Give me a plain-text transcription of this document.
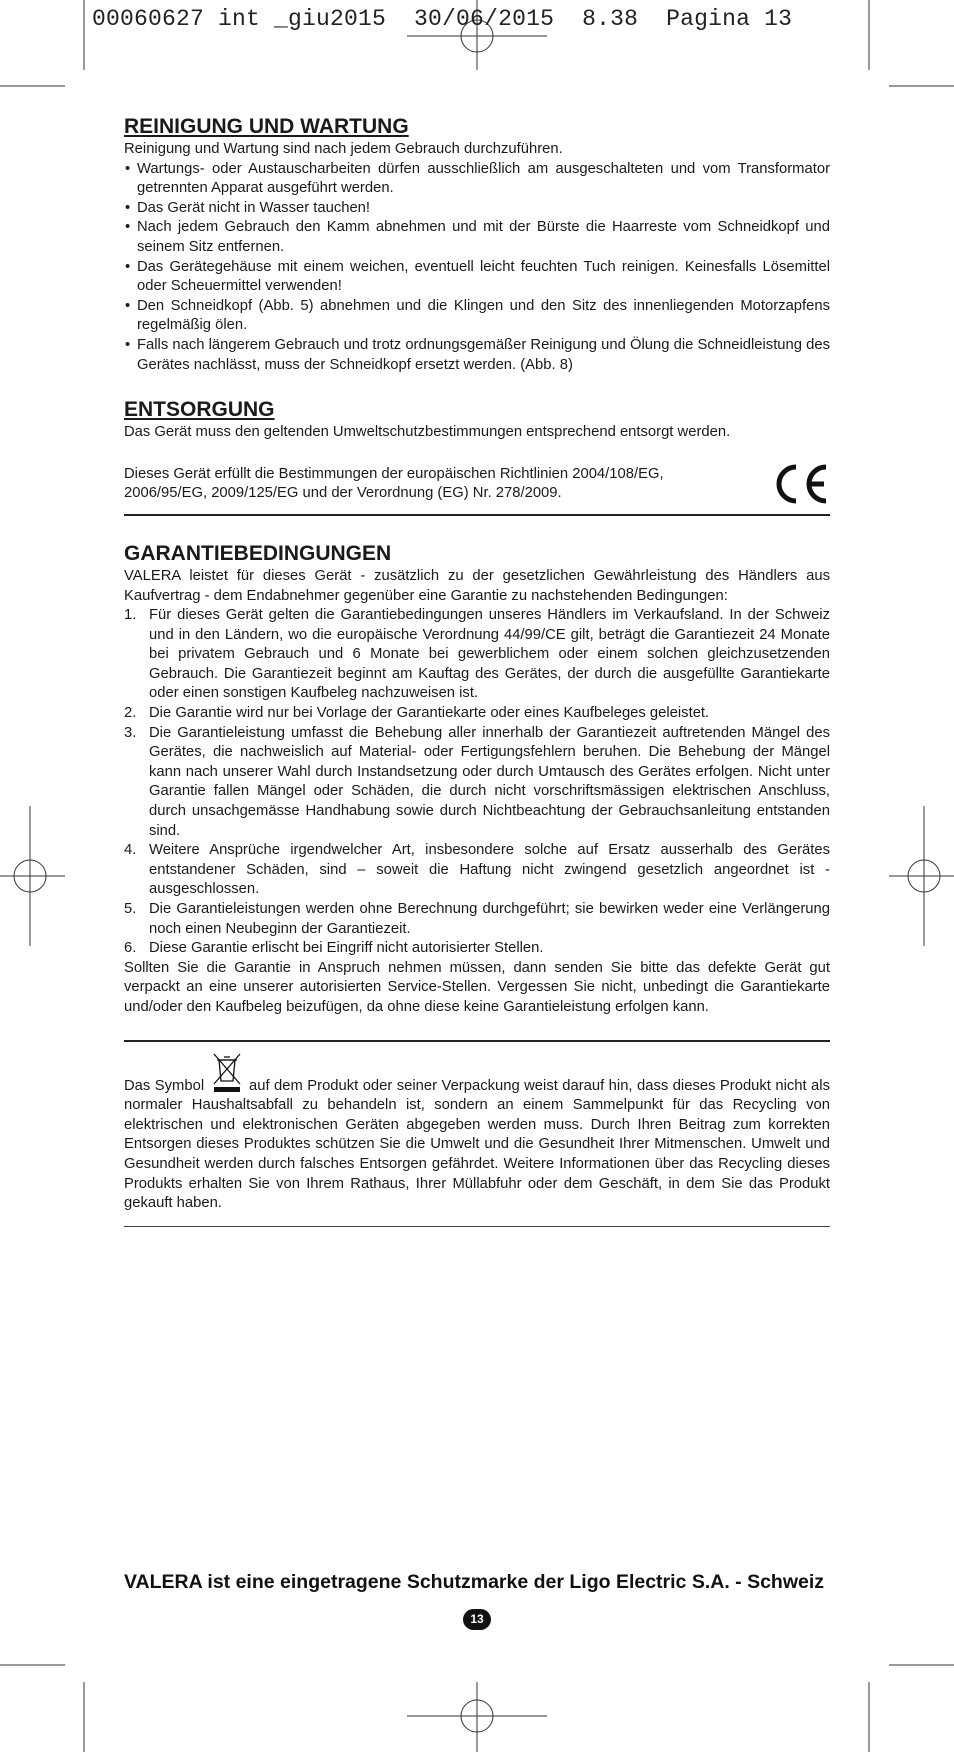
00060627 int _giu2015  30/06/2015  8.38  Pagina 13
REINIGUNG UND WARTUNG

Reinigung und Wartung sind nach jedem Gebrauch durchzuführen.

• Wartungs- oder Austauscharbeiten dürfen ausschließlich am ausgeschalteten und vom Transformator getrennten Apparat ausgeführt werden.
• Das Gerät nicht in Wasser tauchen!
• Nach jedem Gebrauch den Kamm abnehmen und mit der Bürste die Haarreste vom Schneidkopf und seinem Sitz entfernen.
• Das Gerätegehäuse mit einem weichen, eventuell leicht feuchten Tuch reinigen. Keinesfalls Lösemittel oder Scheuermittel verwenden!
• Den Schneidkopf (Abb. 5) abnehmen und die Klingen und den Sitz des innenliegenden Motorzapfens regelmäßig ölen.
• Falls nach längerem Gebrauch und trotz ordnungsgemäßer Reinigung und Ölung die Schneidleistung des Gerätes nachlässt, muss der Schneidkopf ersetzt werden. (Abb. 8)
ENTSORGUNG

Das Gerät muss den geltenden Umweltschutzbestimmungen entsprechend entsorgt werden.

Dieses Gerät erfüllt die Bestimmungen der europäischen Richtlinien 2004/108/EG, 2006/95/EG, 2009/125/EG und der Verordnung (EG) Nr. 278/2009.

GARANTIEBEDINGUNGEN

VALERA leistet für dieses Gerät - zusätzlich zu der gesetzlichen Gewährleistung des Händlers aus Kaufvertrag - dem Endabnehmer gegenüber eine Garantie zu nachstehenden Bedingungen:

1. Für dieses Gerät gelten die Garantiebedingungen unseres Händlers im Verkaufsland. In der Schweiz und in den Ländern, wo die europäische Verordnung 44/99/CE gilt, beträgt die Garantiezeit 24 Monate bei privatem Gebrauch und 6 Monate bei gewerblichem oder einem solchen gleichzusetzenden Gebrauch. Die Garantiezeit beginnt am Kauftag des Gerätes, der durch die ausgefüllte Garantiekarte oder einen sonstigen Kaufbeleg nachzuweisen ist.
2. Die Garantie wird nur bei Vorlage der Garantiekarte oder eines Kaufbeleges geleistet.
3. Die Garantieleistung umfasst die Behebung aller innerhalb der Garantiezeit auftretenden Mängel des Gerätes, die nachweislich auf Material- oder Fertigungsfehlern beruhen. Die Behebung der Mängel kann nach unserer Wahl durch Instandsetzung oder durch Umtausch des Gerätes erfolgen. Nicht unter Garantie fallen Mängel oder Schäden, die durch nicht vorschriftsmässigen elektrischen Anschluss, durch unsachgemässe Handhabung sowie durch Nichtbeachtung der Gebrauchsanleitung entstanden sind.
4. Weitere Ansprüche irgendwelcher Art, insbesondere solche auf Ersatz ausserhalb des Gerätes entstandener Schäden, sind – soweit die Haftung nicht zwingend gesetzlich angeordnet ist - ausgeschlossen.
5. Die Garantieleistungen werden ohne Berechnung durchgeführt; sie bewirken weder eine Verlängerung noch einen Neubeginn der Garantiezeit.
6. Diese Garantie erlischt bei Eingriff nicht autorisierter Stellen.

Sollten Sie die Garantie in Anspruch nehmen müssen, dann senden Sie bitte das defekte Gerät gut verpackt an eine unserer autorisierten Service-Stellen. Vergessen Sie nicht, unbedingt die Garantiekarte und/oder den Kaufbeleg beizufügen, da ohne diese keine Garantieleistung erfolgen kann.

Das Symbol	auf dem Produkt oder seiner Verpackung weist darauf hin, dass dieses Produkt nicht als normaler Haushaltsabfall zu behandeln ist, sondern an einem Sammelpunkt für das Recycling von elektrischen und elektronischen Geräten abgegeben werden muss. Durch Ihren Beitrag zum korrekten Entsorgen dieses Produktes schützen Sie die Umwelt und die Gesundheit Ihrer Mitmenschen. Umwelt und Gesundheit werden durch falsches Entsorgen gefährdet. Weitere Informationen über das Recycling dieses Produkts erhalten Sie von Ihrem Rathaus, Ihrer Müllabfuhr oder dem Geschäft, in dem Sie das Produkt gekauft haben.

VALERA ist eine eingetragene Schutzmarke der Ligo Electric S.A. - Schweiz
13
